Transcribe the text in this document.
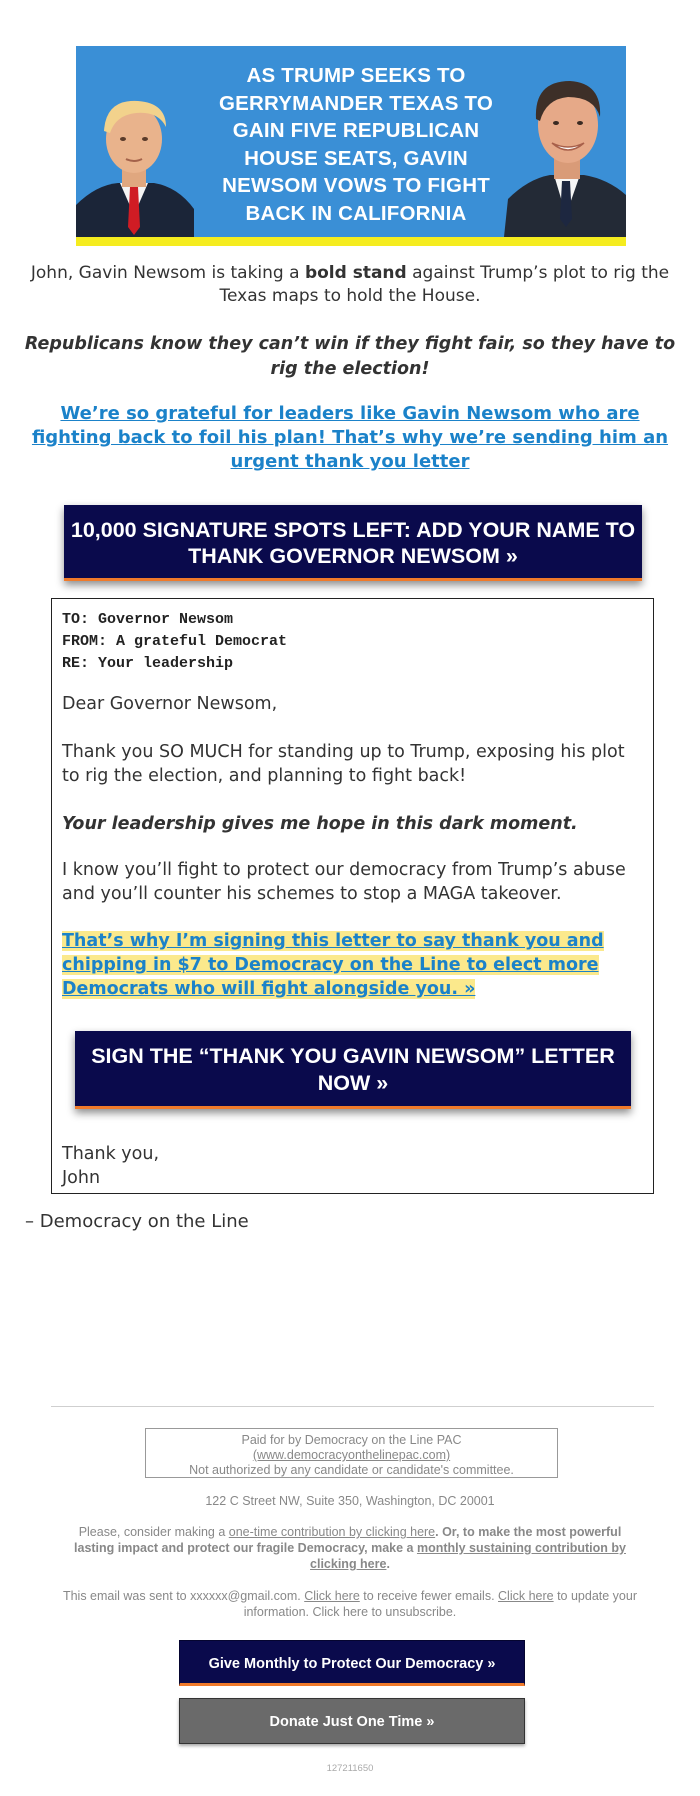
AS TRUMP SEEKS TO GERRYMANDER TEXAS TO GAIN FIVE REPUBLICAN HOUSE SEATS, GAVIN NEWSOM VOWS TO FIGHT BACK IN CALIFORNIA
John, Gavin Newsom is taking a bold stand against Trump’s plot to rig the Texas maps to hold the House.
Republicans know they can’t win if they fight fair, so they have to rig the election!
We’re so grateful for leaders like Gavin Newsom who are fighting back to foil his plan! That’s why we’re sending him an urgent thank you letter
10,000 SIGNATURE SPOTS LEFT: ADD YOUR NAME TO THANK GOVERNOR NEWSOM »
TO: Governor Newsom
FROM: A grateful Democrat
RE: Your leadership
Dear Governor Newsom,
Thank you SO MUCH for standing up to Trump, exposing his plot to rig the election, and planning to fight back!
Your leadership gives me hope in this dark moment.
I know you’ll fight to protect our democracy from Trump’s abuse and you’ll counter his schemes to stop a MAGA takeover.
That’s why I’m signing this letter to say thank you and chipping in $7 to Democracy on the Line to elect more Democrats who will fight alongside you. »
SIGN THE “THANK YOU GAVIN NEWSOM” LETTER NOW »
Thank you,
John
– Democracy on the Line
Paid for by Democracy on the Line PAC
(www.democracyonthelinepac.com)
Not authorized by any candidate or candidate's committee.
122 C Street NW, Suite 350, Washington, DC 20001
Please, consider making a one-time contribution by clicking here. Or, to make the most powerful lasting impact and protect our fragile Democracy, make a monthly sustaining contribution by clicking here.
This email was sent to xxxxxx@gmail.com. Click here to receive fewer emails. Click here to update your information. Click here to unsubscribe.
Give Monthly to Protect Our Democracy »
Donate Just One Time »
127211650
